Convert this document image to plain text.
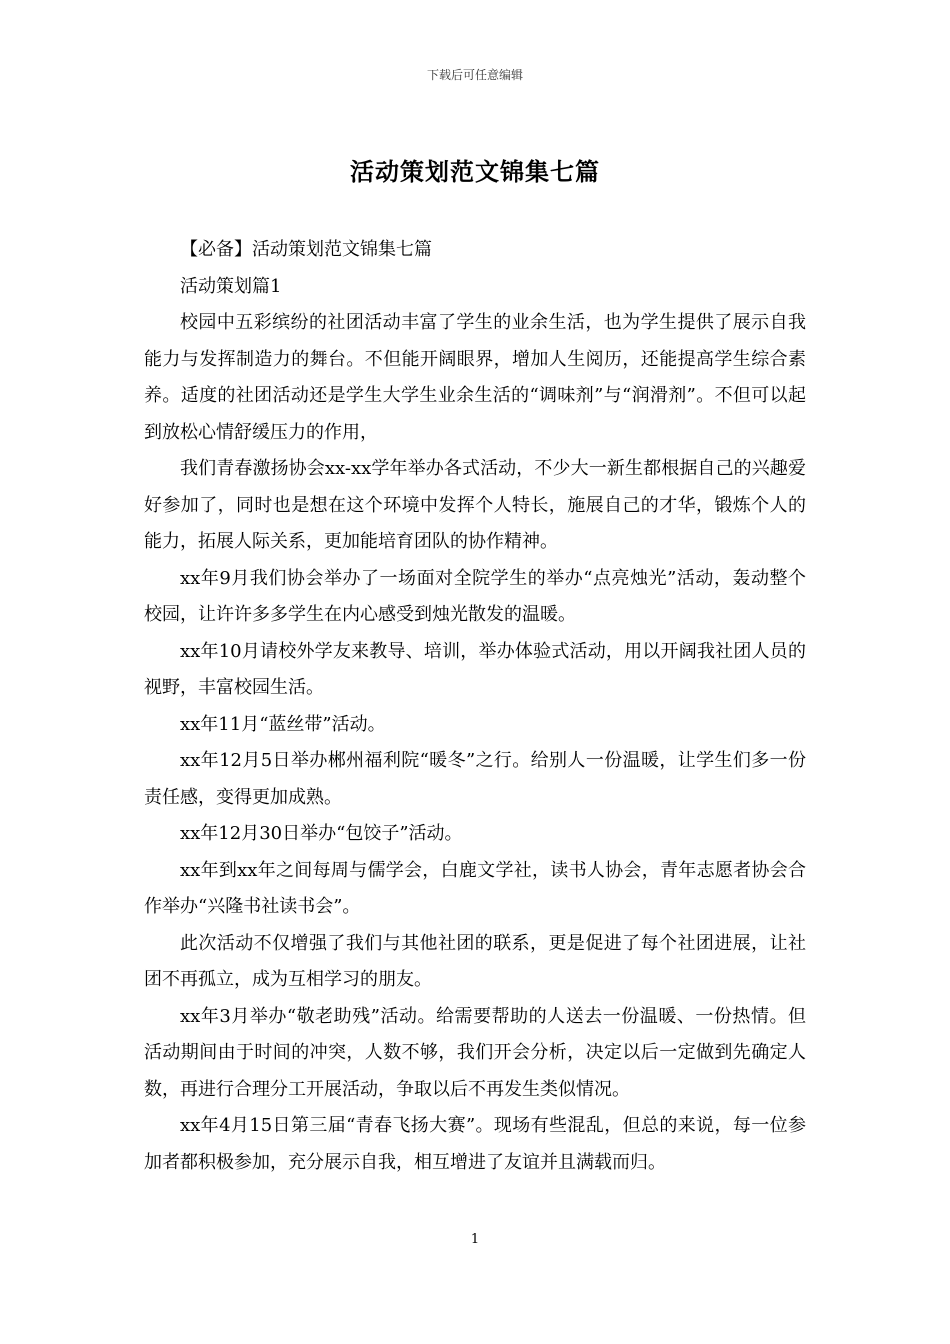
下载后可任意编辑
活动策划范文锦集七篇

【必备】活动策划范文锦集七篇

活动策划篇1

校园中五彩缤纷的社团活动丰富了学生的业余生活，也为学生提供了展示自我能力与发挥制造力的舞台。不但能开阔眼界，增加人生阅历，还能提高学生综合素养。适度的社团活动还是学生大学生业余生活的“调味剂”与“润滑剂”。不但可以起到放松心情舒缓压力的作用，

我们青春激扬协会xx-xx学年举办各式活动，不少大一新生都根据自己的兴趣爱好参加了，同时也是想在这个环境中发挥个人特长，施展自己的才华，锻炼个人的能力，拓展人际关系，更加能培育团队的协作精神。

xx年9月我们协会举办了一场面对全院学生的举办“点亮烛光”活动，轰动整个校园，让许许多多学生在内心感受到烛光散发的温暖。

xx年10月请校外学友来教导、培训，举办体验式活动，用以开阔我社团人员的视野，丰富校园生活。

xx年11月“蓝丝带”活动。

xx年12月5日举办郴州福利院“暖冬”之行。给别人一份温暖，让学生们多一份责任感，变得更加成熟。

xx年12月30日举办“包饺子”活动。

xx年到xx年之间每周与儒学会，白鹿文学社，读书人协会，青年志愿者协会合作举办“兴隆书社读书会”。

此次活动不仅增强了我们与其他社团的联系，更是促进了每个社团进展，让社团不再孤立，成为互相学习的朋友。

xx年3月举办“敬老助残”活动。给需要帮助的人送去一份温暖、一份热情。但活动期间由于时间的冲突，人数不够，我们开会分析，决定以后一定做到先确定人数，再进行合理分工开展活动，争取以后不再发生类似情况。

xx年4月15日第三届“青春飞扬大赛”。现场有些混乱，但总的来说，每一位参加者都积极参加，充分展示自我，相互增进了友谊并且满载而归。

1
